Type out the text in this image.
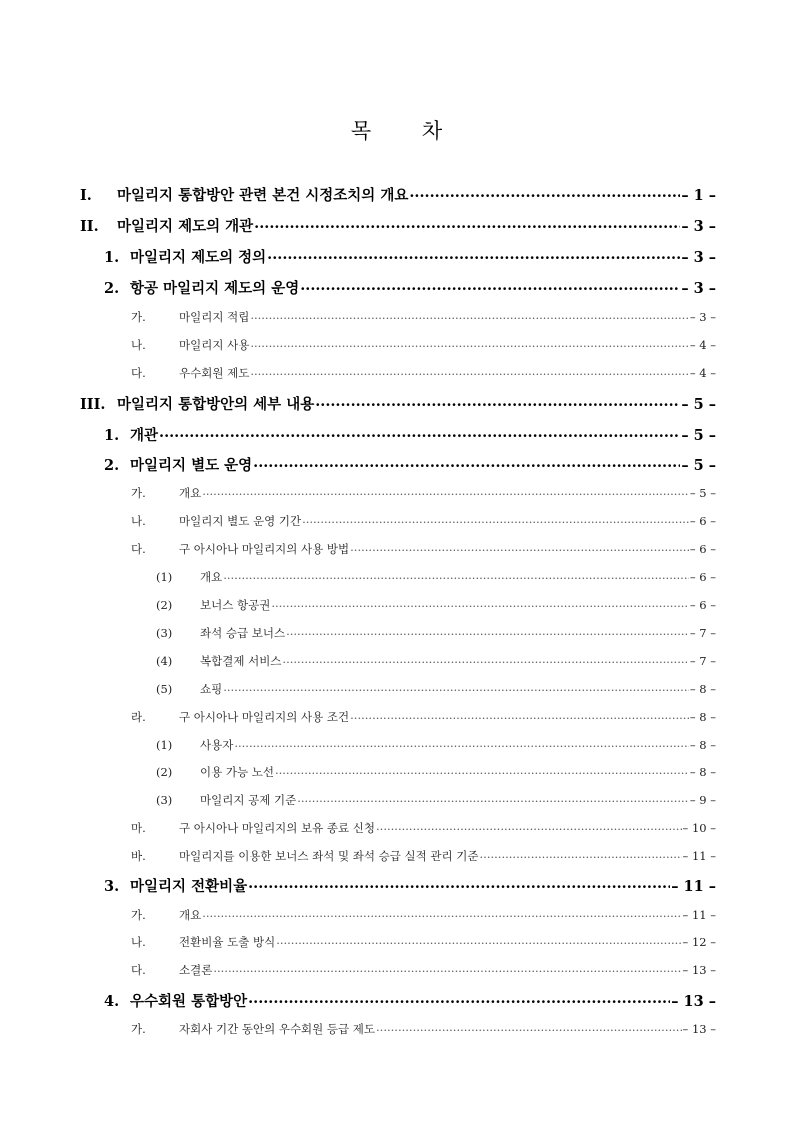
목 차
I.	마일리지 통합방안 관련 본건 시정조치의 개요 .....	– 1 –
II.	마일리지 제도의 개관 .....	– 3 –
1. 마일리지 제도의 정의 .....	– 3 –
2. 항공 마일리지 제도의 운영 .....	– 3 –
가.	마일리지 적립 .....	– 3 –
나.	마일리지 사용 .....	– 4 –
다.	우수회원 제도 .....	– 4 –
III. 마일리지 통합방안의 세부 내용 .....	– 5 –
1. 개관 .....	– 5 –
2. 마일리지 별도 운영 .....	– 5 –
가.	개요 .....	– 5 –
나.	마일리지 별도 운영 기간 .....	– 6 –
다.	구 아시아나 마일리지의 사용 방법 .....	– 6 –
(1)	개요 .....	– 6 –
(2)	보너스 항공권 .....	– 6 –
(3)	좌석 승급 보너스 .....	– 7 –
(4)	복합결제 서비스 .....	– 7 –
(5)	쇼핑 .....	– 8 –
라.	구 아시아나 마일리지의 사용 조건 .....	– 8 –
(1)	사용자 .....	– 8 –
(2)	이용 가능 노선 .....	– 8 –
(3)	마일리지 공제 기준 .....	– 9 –
마.	구 아시아나 마일리지의 보유 종료 신청 .....	– 10 –
바.	마일리지를 이용한 보너스 좌석 및 좌석 승급 실적 관리 기준 .....	– 11 –
3. 마일리지 전환비율 .....	– 11 –
가.	개요 .....	– 11 –
나.	전환비율 도출 방식 .....	– 12 –
다.	소결론 .....	– 13 –
4. 우수회원 통합방안 .....	– 13 –
가.	자회사 기간 동안의 우수회원 등급 제도 .....	– 13 –
